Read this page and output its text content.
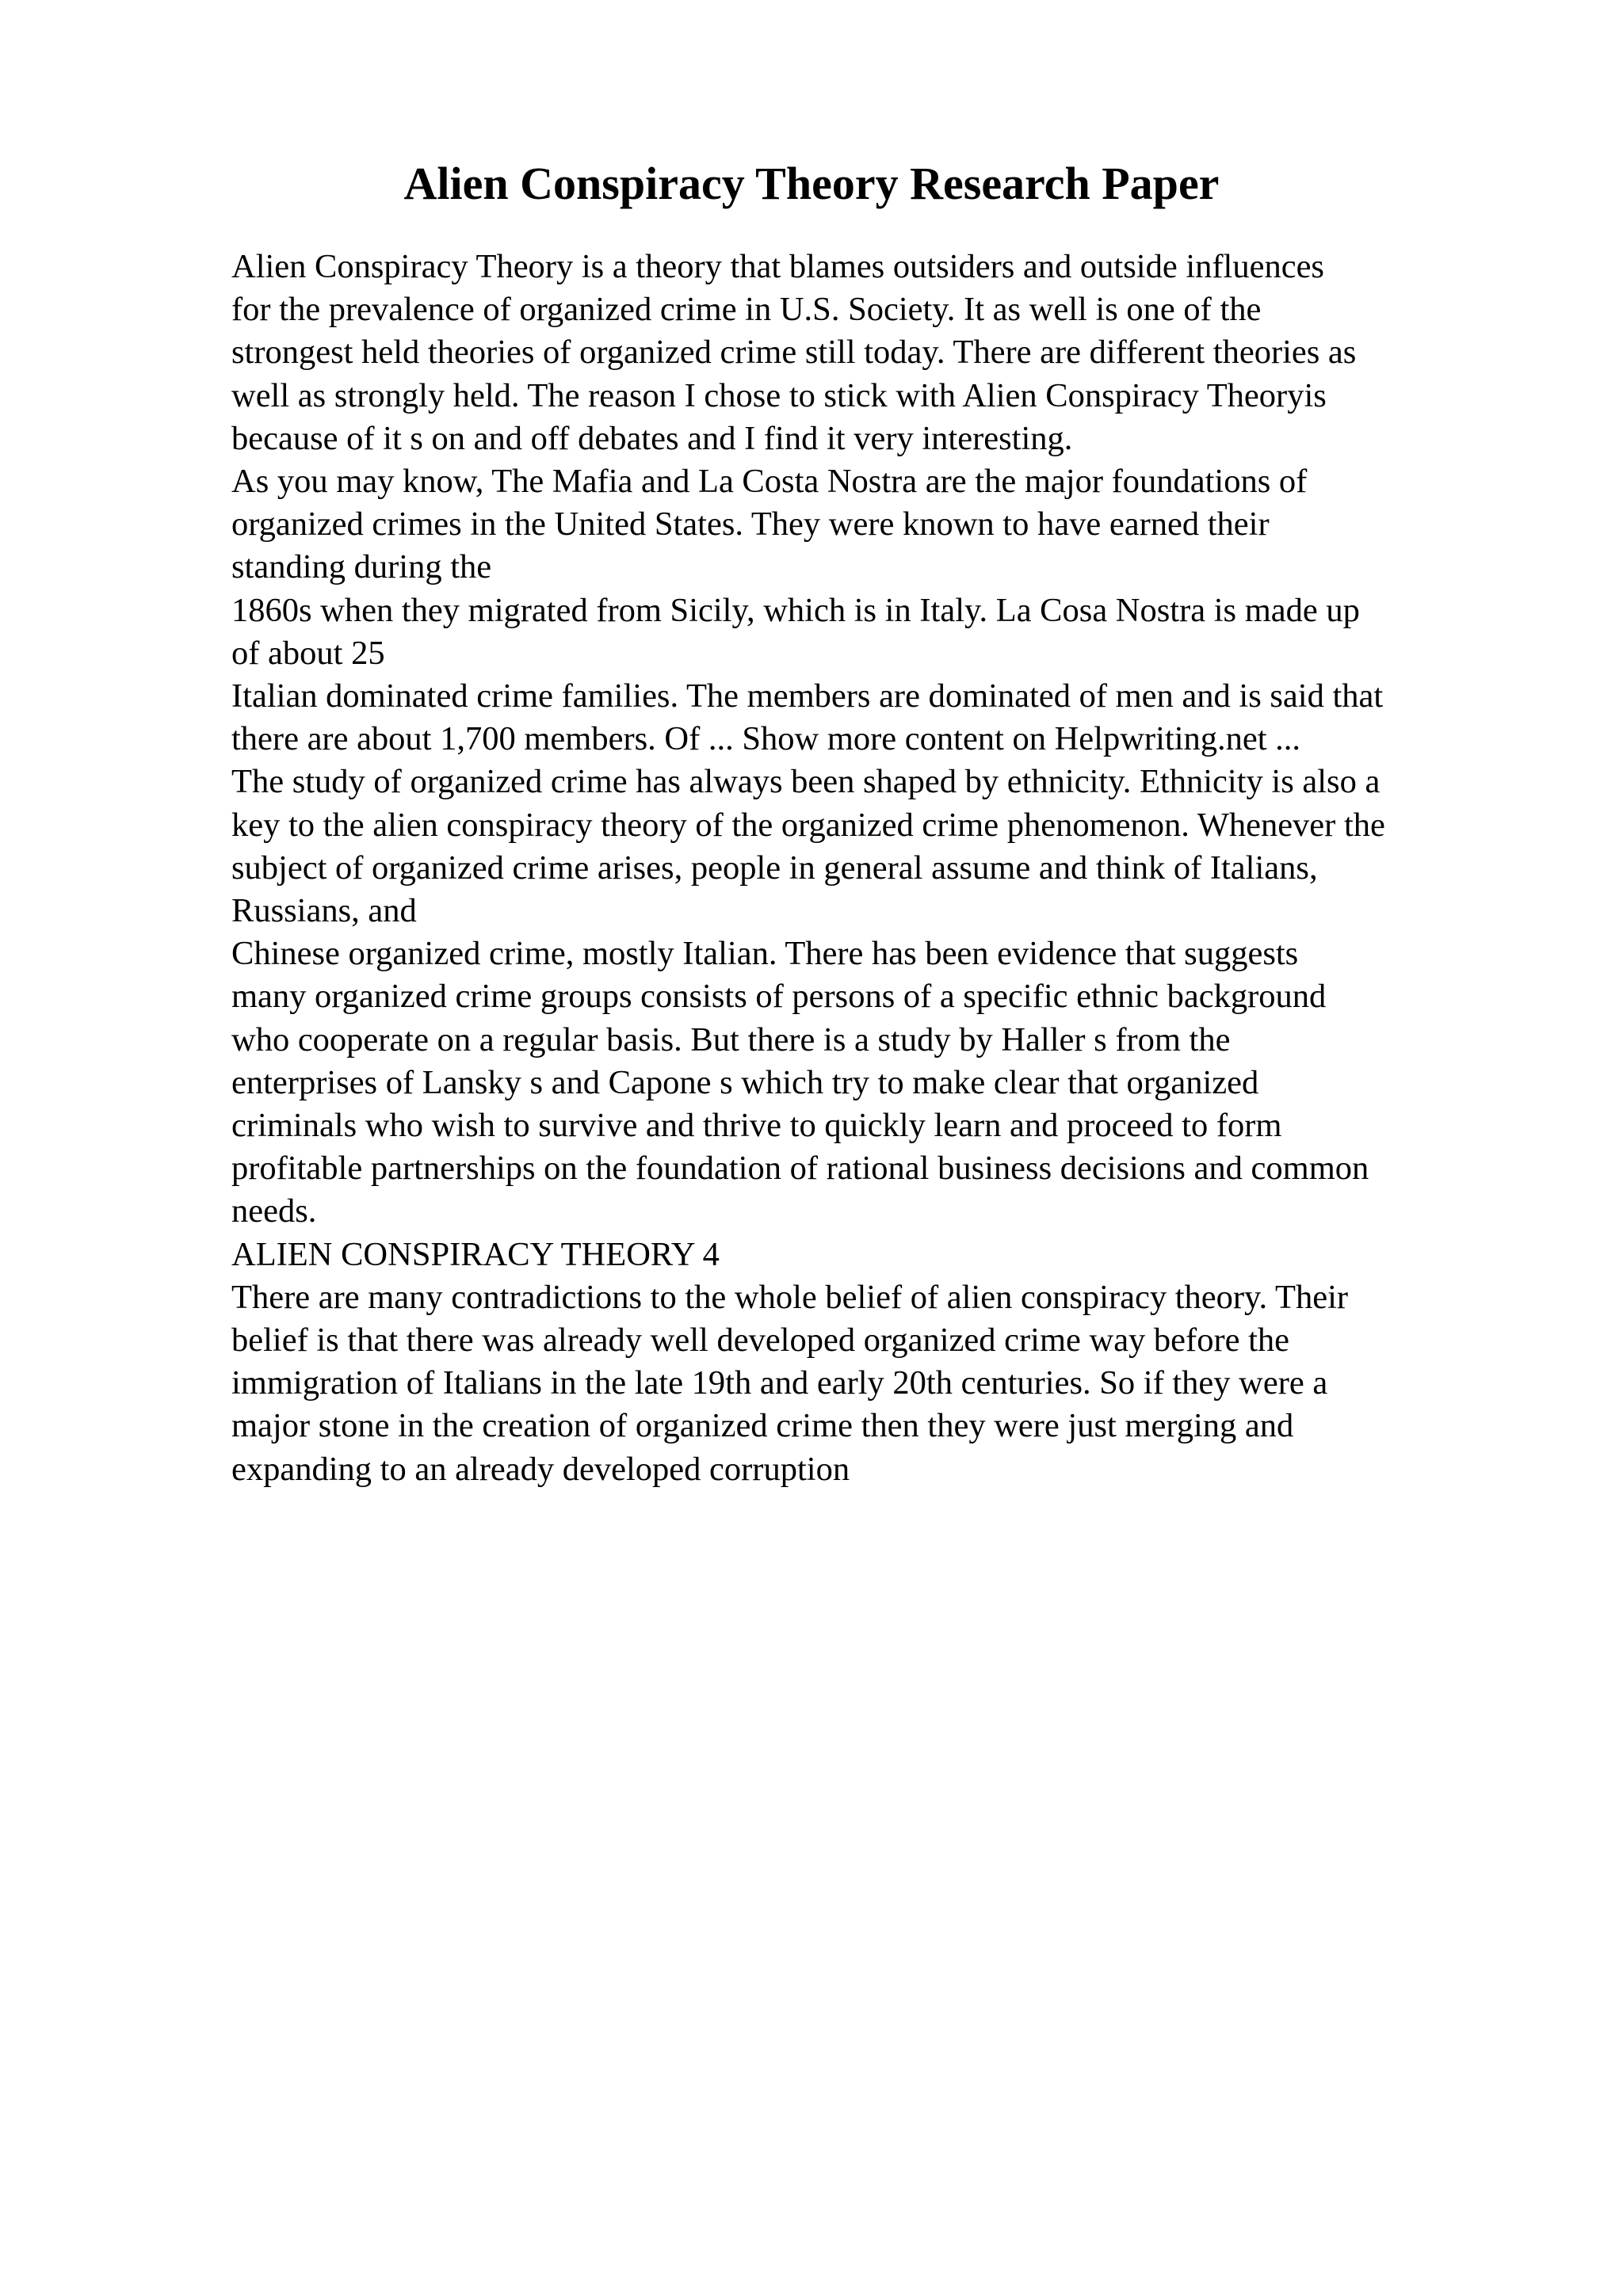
Alien Conspiracy Theory Research Paper
Alien Conspiracy Theory is a theory that blames outsiders and outside influences
for the prevalence of organized crime in U.S. Society. It as well is one of the
strongest held theories of organized crime still today. There are different theories as
well as strongly held. The reason I chose to stick with Alien Conspiracy Theoryis
because of it s on and off debates and I find it very interesting.
As you may know, The Mafia and La Costa Nostra are the major foundations of
organized crimes in the United States. They were known to have earned their
standing during the
1860s when they migrated from Sicily, which is in Italy. La Cosa Nostra is made up
of about 25
Italian dominated crime families. The members are dominated of men and is said that
there are about 1,700 members. Of ... Show more content on Helpwriting.net ...
The study of organized crime has always been shaped by ethnicity. Ethnicity is also a
key to the alien conspiracy theory of the organized crime phenomenon. Whenever the
subject of organized crime arises, people in general assume and think of Italians,
Russians, and
Chinese organized crime, mostly Italian. There has been evidence that suggests
many organized crime groups consists of persons of a specific ethnic background
who cooperate on a regular basis. But there is a study by Haller s from the
enterprises of Lansky s and Capone s which try to make clear that organized
criminals who wish to survive and thrive to quickly learn and proceed to form
profitable partnerships on the foundation of rational business decisions and common
needs.
ALIEN CONSPIRACY THEORY 4
There are many contradictions to the whole belief of alien conspiracy theory. Their
belief is that there was already well developed organized crime way before the
immigration of Italians in the late 19th and early 20th centuries. So if they were a
major stone in the creation of organized crime then they were just merging and
expanding to an already developed corruption
